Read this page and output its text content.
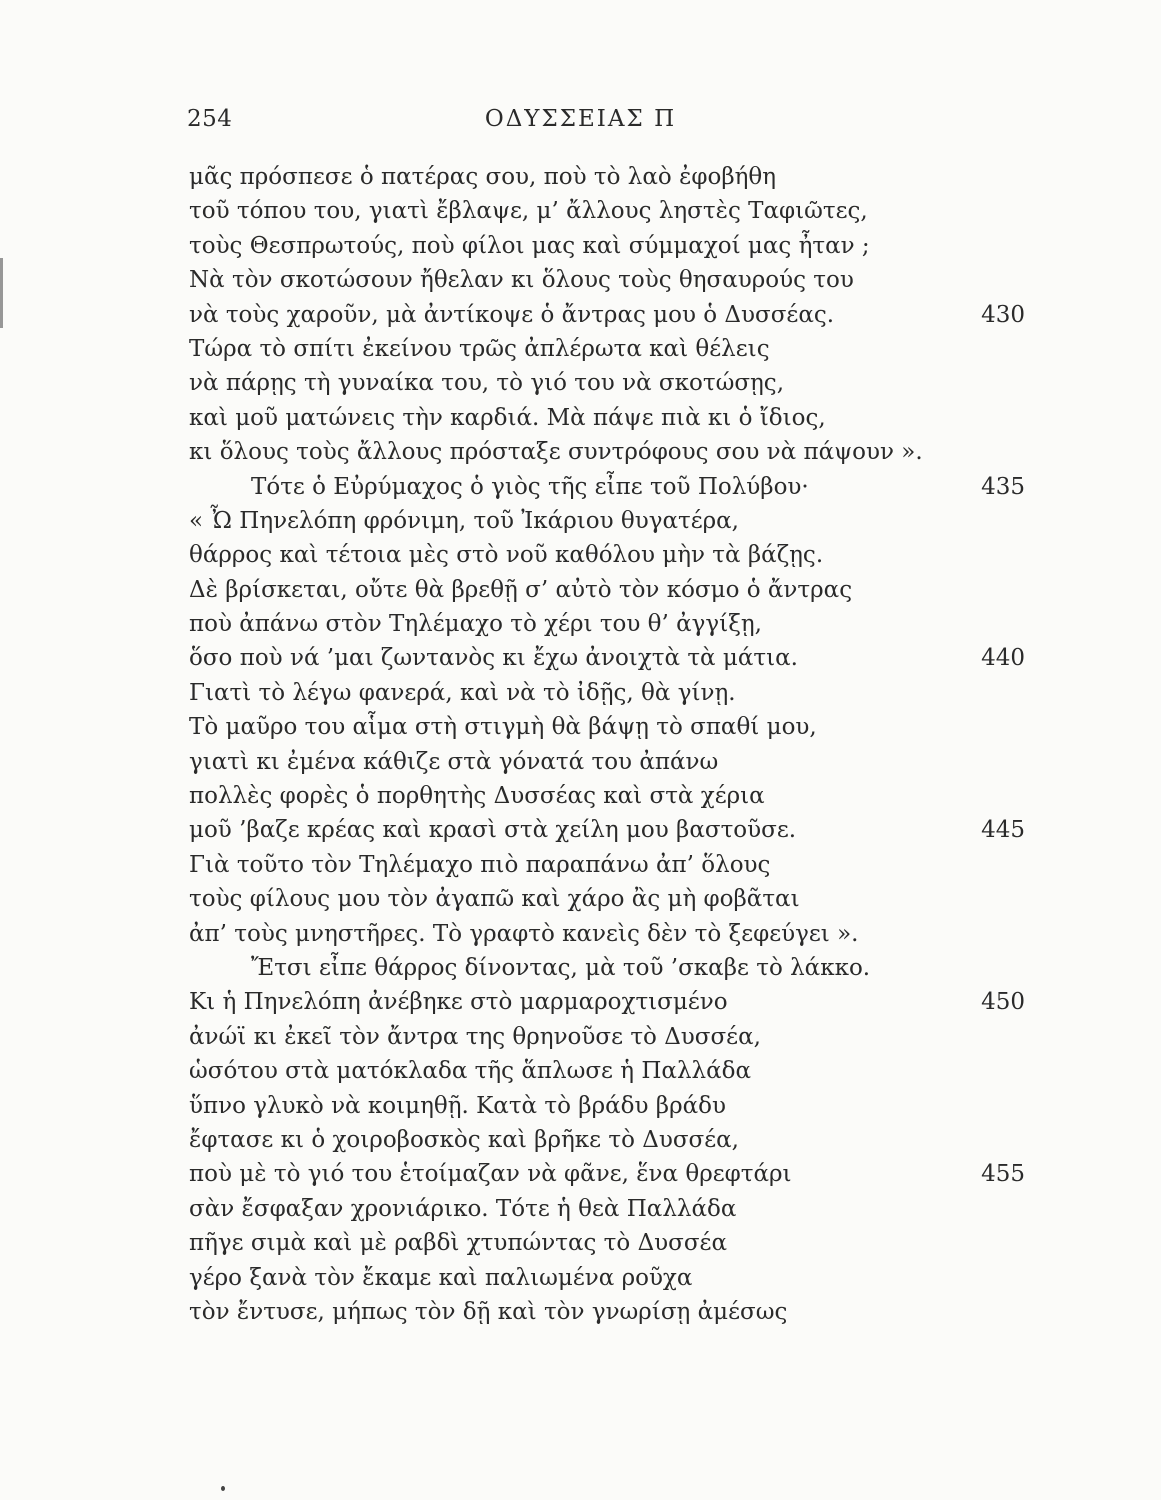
254	ΟΔΥΣΣΕΙΑΣ Π
μᾶς πρόσπεσε ὁ πατέρας σου, ποὺ τὸ λαὸ ἐφοβήθη
τοῦ τόπου του, γιατὶ ἔβλαψε, μ’ ἄλλους ληστὲς Ταφιῶτες,
τοὺς Θεσπρωτούς, ποὺ φίλοι μας καὶ σύμμαχοί μας ἦταν ;
Νὰ τὸν σκοτώσουν ἤθελαν κι ὅλους τοὺς θησαυρούς του
νὰ τοὺς χαροῦν, μὰ ἀντίκοψε ὁ ἄντρας μου ὁ Δυσσέας.	430
Τώρα τὸ σπίτι ἐκείνου τρῶς ἀπλέρωτα καὶ θέλεις
νὰ πάρῃς τὴ γυναίκα του, τὸ γιό του νὰ σκοτώσῃς,
καὶ μοῦ ματώνεις τὴν καρδιά. Μὰ πάψε πιὰ κι ὁ ἴδιος,
κι ὅλους τοὺς ἄλλους πρόσταξε συντρόφους σου νὰ πάψουν ».
Τότε ὁ Εὐρύμαχος ὁ γιὸς τῆς εἶπε τοῦ Πολύβου·	435
« Ὦ Πηνελόπη φρόνιμη, τοῦ Ἰκάριου θυγατέρα,
θάρρος καὶ τέτοια μὲς στὸ νοῦ καθόλου μὴν τὰ βάζῃς.
Δὲ βρίσκεται, οὔτε θὰ βρεθῇ σ’ αὐτὸ τὸν κόσμο ὁ ἄντρας
ποὺ ἀπάνω στὸν Τηλέμαχο τὸ χέρι του θ’ ἀγγίξῃ,
ὅσο ποὺ νά ’μαι ζωντανὸς κι ἔχω ἀνοιχτὰ τὰ μάτια.	440
Γιατὶ τὸ λέγω φανερά, καὶ νὰ τὸ ἰδῇς, θὰ γίνῃ.
Τὸ μαῦρο του αἷμα στὴ στιγμὴ θὰ βάψῃ τὸ σπαθί μου,
γιατὶ κι ἐμένα κάθιζε στὰ γόνατά του ἀπάνω
πολλὲς φορὲς ὁ πορθητὴς Δυσσέας καὶ στὰ χέρια
μοῦ ’βαζε κρέας καὶ κρασὶ στὰ χείλη μου βαστοῦσε.	445
Γιὰ τοῦτο τὸν Τηλέμαχο πιὸ παραπάνω ἀπ’ ὅλους
τοὺς φίλους μου τὸν ἀγαπῶ καὶ χάρο ἂς μὴ φοβᾶται
ἀπ’ τοὺς μνηστῆρες. Τὸ γραφτὸ κανεὶς δὲν τὸ ξεφεύγει ».
Ἔτσι εἶπε θάρρος δίνοντας, μὰ τοῦ ’σκαβε τὸ λάκκο.
Κι ἡ Πηνελόπη ἀνέβηκε στὸ μαρμαροχτισμένο	450
ἀνώϊ κι ἐκεῖ τὸν ἄντρα της θρηνοῦσε τὸ Δυσσέα,
ὡσότου στὰ ματόκλαδα τῆς ἅπλωσε ἡ Παλλάδα
ὕπνο γλυκὸ νὰ κοιμηθῇ. Κατὰ τὸ βράδυ βράδυ
ἔφτασε κι ὁ χοιροβοσκὸς καὶ βρῆκε τὸ Δυσσέα,
ποὺ μὲ τὸ γιό του ἑτοίμαζαν νὰ φᾶνε, ἕνα θρεφτάρι	455
σὰν ἔσφαξαν χρονιάρικο. Τότε ἡ θεὰ Παλλάδα
πῆγε σιμὰ καὶ μὲ ραβδὶ χτυπώντας τὸ Δυσσέα
γέρο ξανὰ τὸν ἔκαμε καὶ παλιωμένα ροῦχα
τὸν ἔντυσε, μήπως τὸν δῇ καὶ τὸν γνωρίσῃ ἀμέσως
